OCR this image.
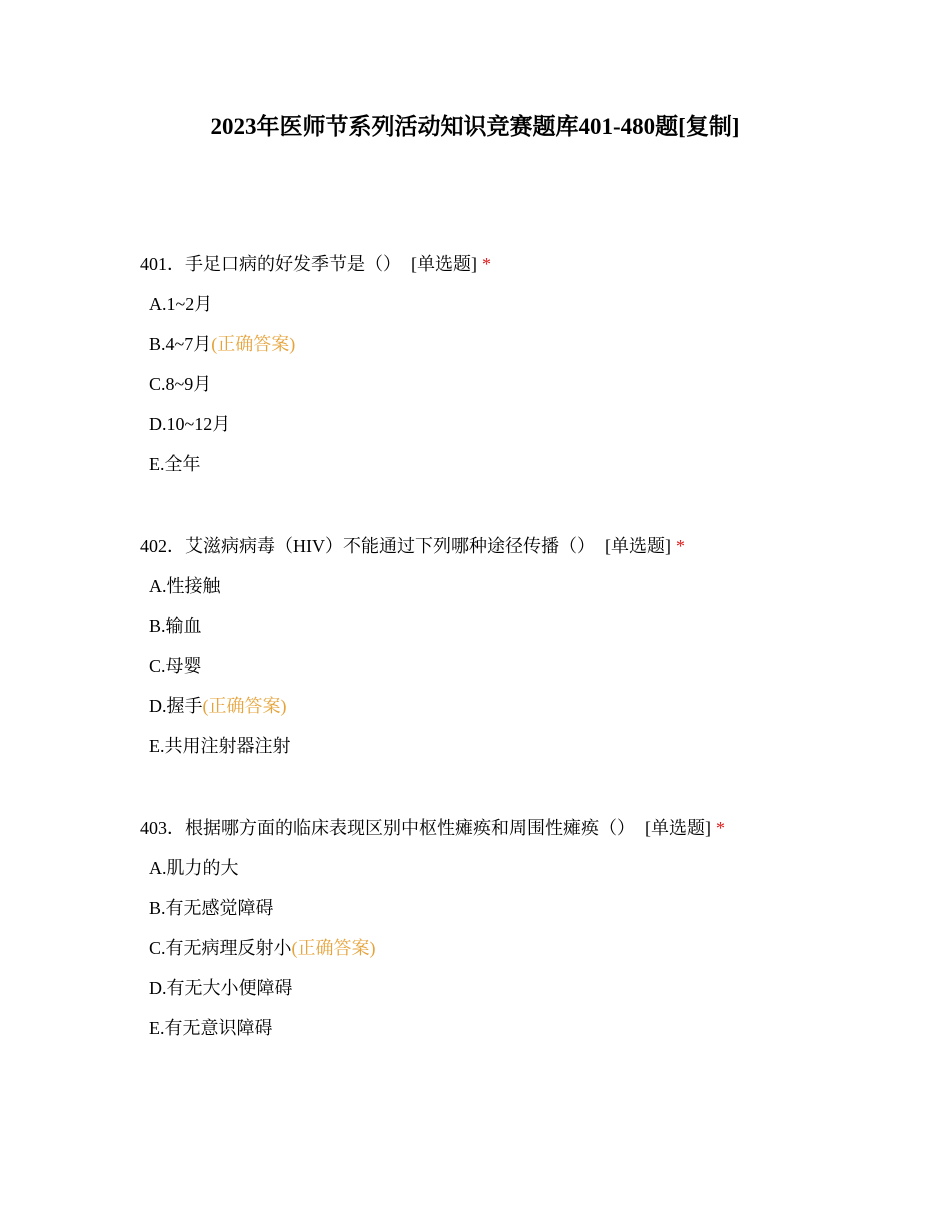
2023年医师节系列活动知识竞赛题库401-480题[复制]
401．手足口病的好发季节是（） [单选题] *
A.1~2月
B.4~7月(正确答案)
C.8~9月
D.10~12月
E.全年
402．艾滋病病毒（HIV）不能通过下列哪种途径传播（） [单选题] *
A.性接触
B.输血
C.母婴
D.握手(正确答案)
E.共用注射器注射
403．根据哪方面的临床表现区别中枢性瘫痪和周围性瘫痪（） [单选题] *
A.肌力的大
B.有无感觉障碍
C.有无病理反射小(正确答案)
D.有无大小便障碍
E.有无意识障碍
